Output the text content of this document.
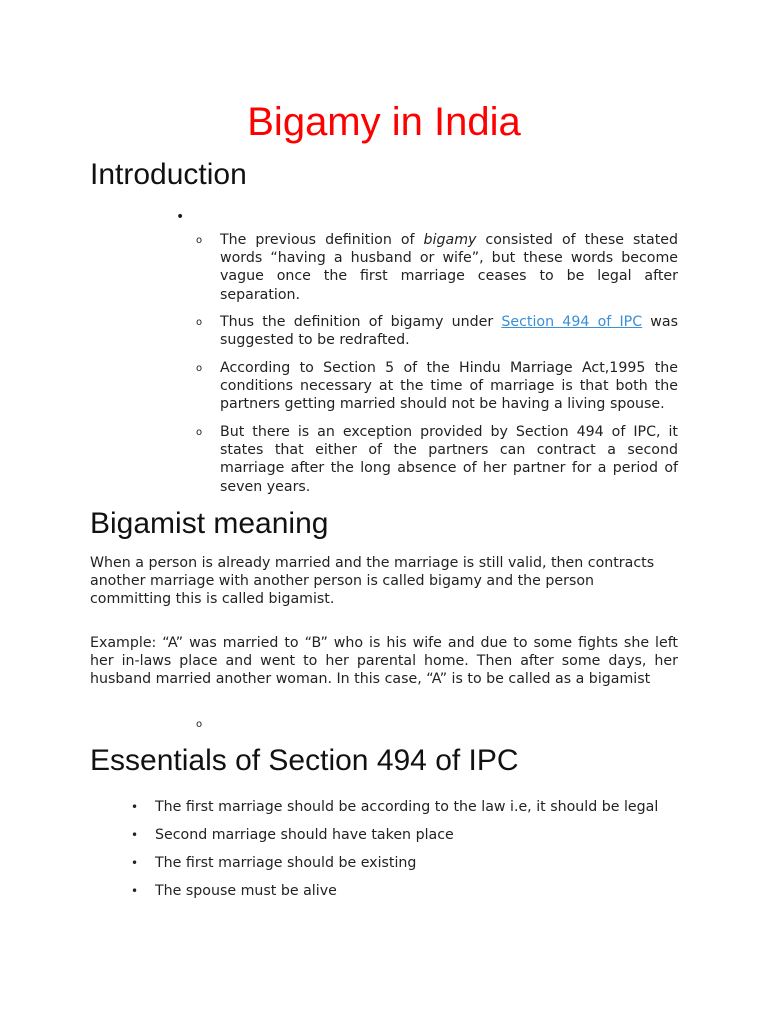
Bigamy in India
Introduction
•
o The previous definition of bigamy consisted of these stated words “having a husband or wife”, but these words become vague once the first marriage ceases to be legal after separation.
o Thus the definition of bigamy under Section 494 of IPC was suggested to be redrafted.
o According to Section 5 of the Hindu Marriage Act,1995 the conditions necessary at the time of marriage is that both the partners getting married should not be having a living spouse.
o But there is an exception provided by Section 494 of IPC, it states that either of the partners can contract a second marriage after the long absence of her partner for a period of seven years.
Bigamist meaning

When a person is already married and the marriage is still valid, then contracts another marriage with another person is called bigamy and the person committing this is called bigamist.

Example: “A” was married to “B” who is his wife and due to some fights she left her in-laws place and went to her parental home. Then after some days, her husband married another woman. In this case, “A” is to be called as a bigamist

o
Essentials of Section 494 of IPC
• The first marriage should be according to the law i.e, it should be legal
• Second marriage should have taken place
• The first marriage should be existing
• The spouse must be alive
